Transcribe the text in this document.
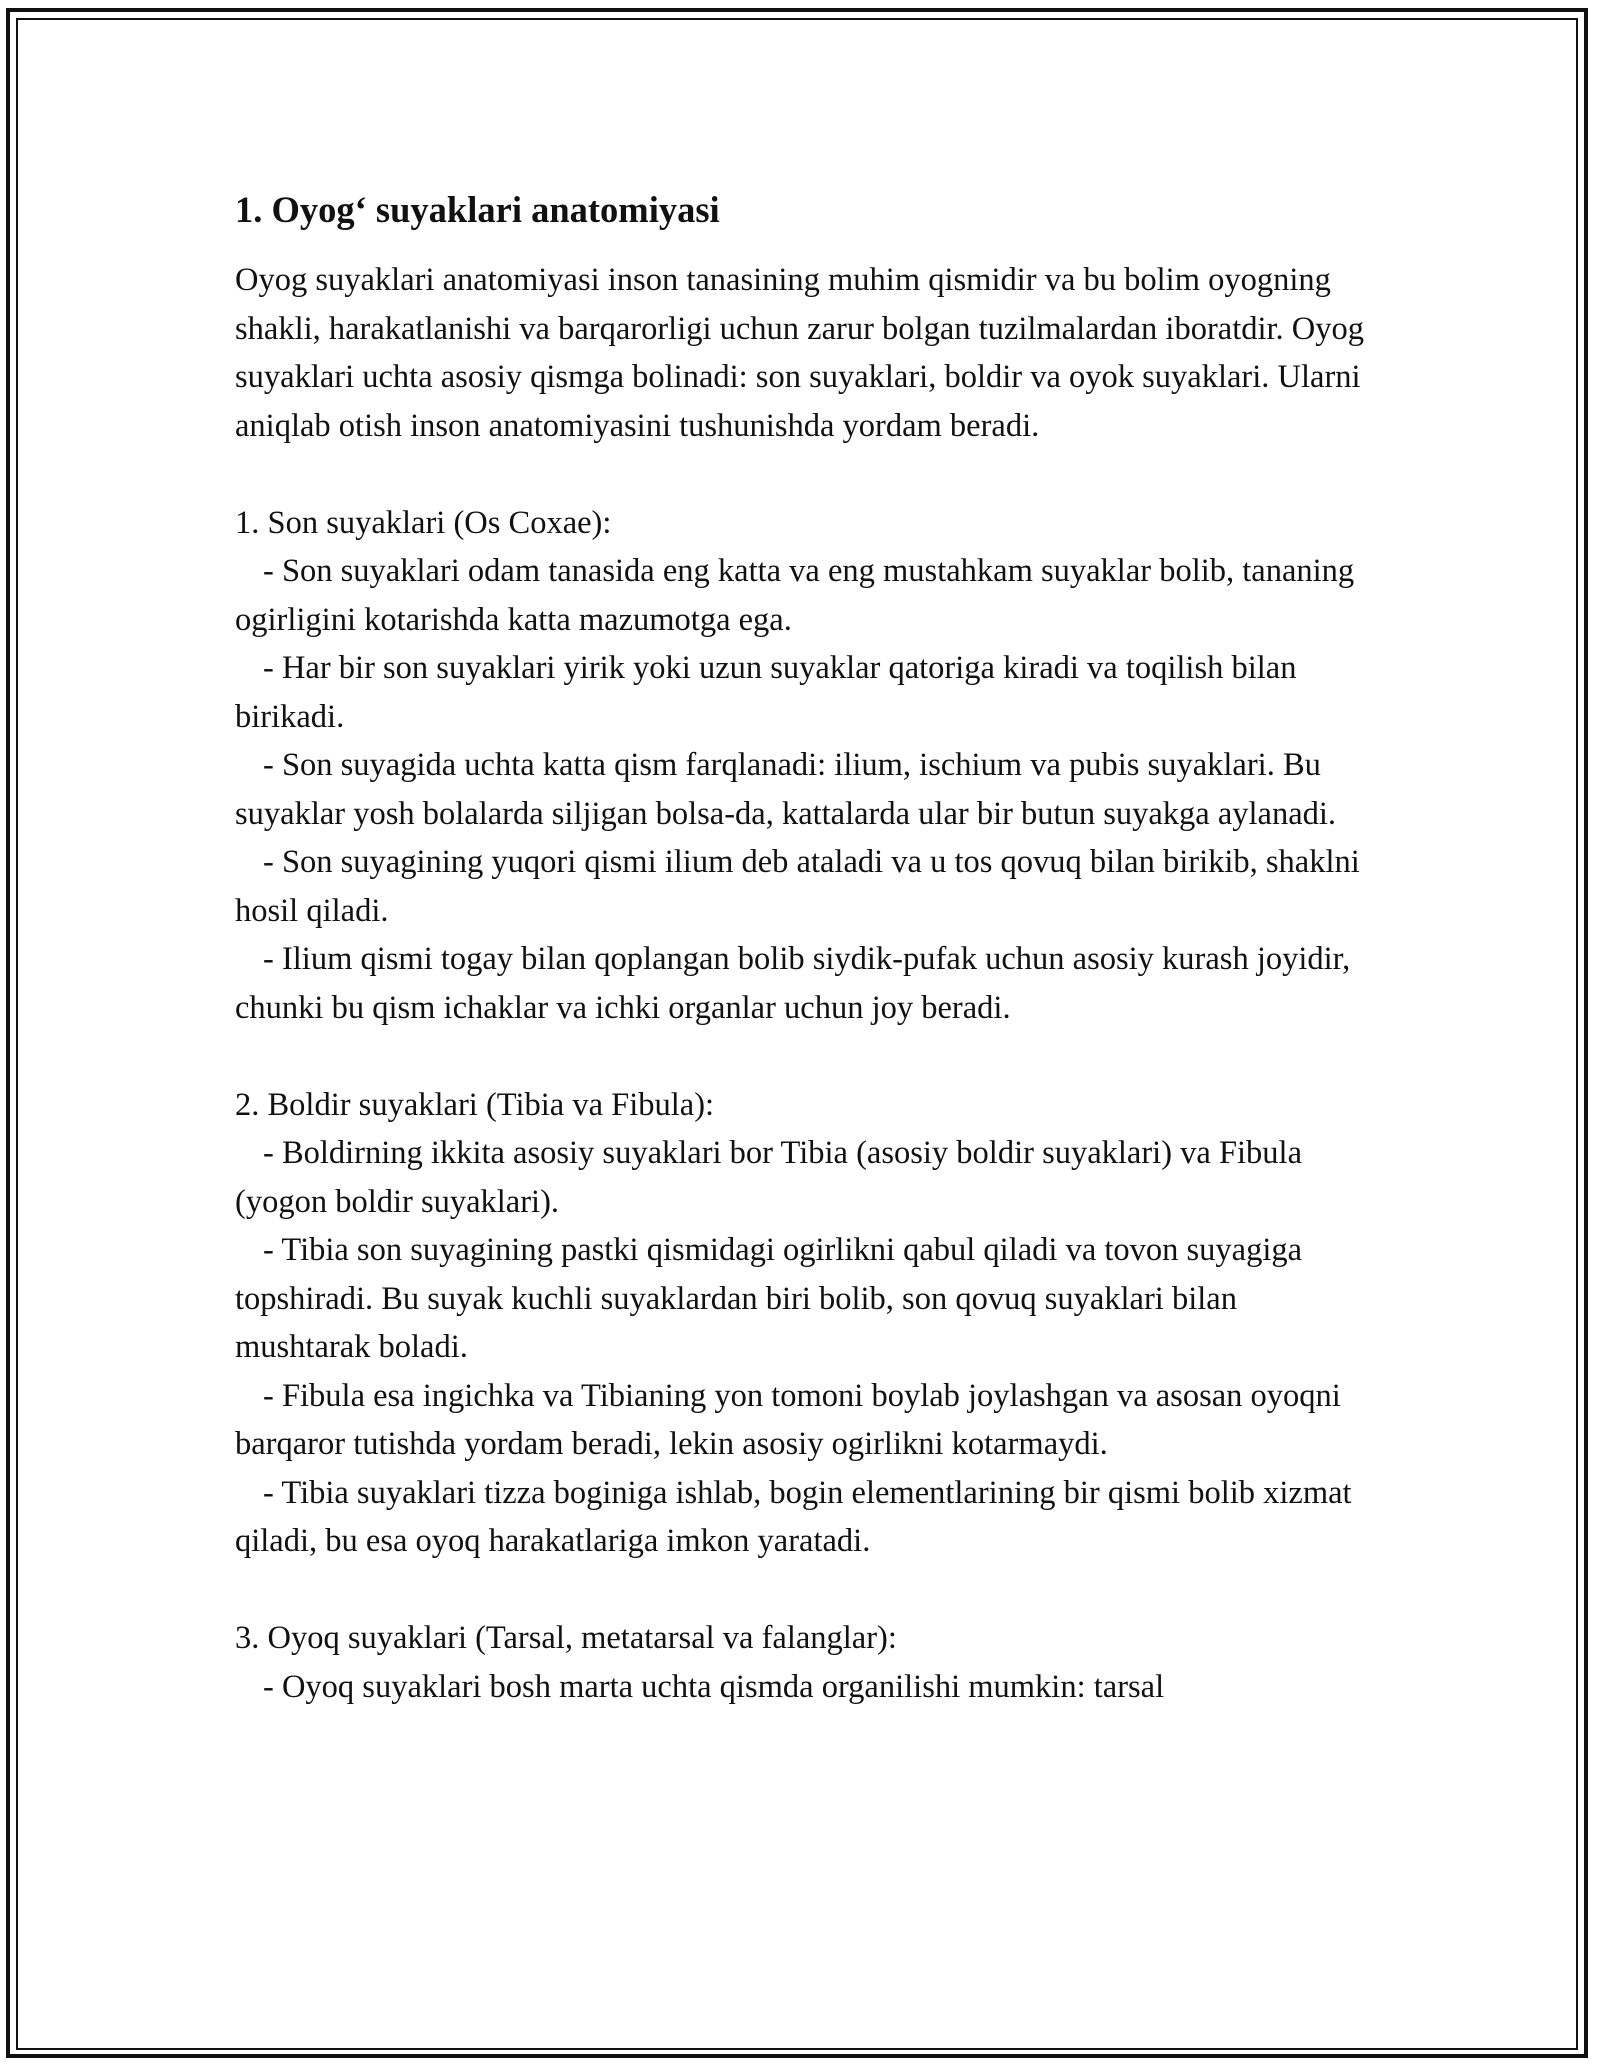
1. Oyog‘ suyaklari anatomiyasi

Oyog suyaklari anatomiyasi inson tanasining muhim qismidir va bu bolim oyogning shakli, harakatlanishi va barqarorligi uchun zarur bolgan tuzilmalardan iboratdir. Oyog suyaklari uchta asosiy qismga bolinadi: son suyaklari, boldir va oyok suyaklari. Ularni aniqlab otish inson anatomiyasini tushunishda yordam beradi.

1. Son suyaklari (Os Coxae):

- Son suyaklari odam tanasida eng katta va eng mustahkam suyaklar bolib, tananing ogirligini kotarishda katta mazumotga ega.

- Har bir son suyaklari yirik yoki uzun suyaklar qatoriga kiradi va toqilish bilan birikadi.

- Son suyagida uchta katta qism farqlanadi: ilium, ischium va pubis suyaklari. Bu suyaklar yosh bolalarda siljigan bolsa-da, kattalarda ular bir butun suyakga aylanadi.

- Son suyagining yuqori qismi ilium deb ataladi va u tos qovuq bilan birikib, shaklni hosil qiladi.

- Ilium qismi togay bilan qoplangan bolib siydik-pufak uchun asosiy kurash joyidir, chunki bu qism ichaklar va ichki organlar uchun joy beradi.

2. Boldir suyaklari (Tibia va Fibula):

- Boldirning ikkita asosiy suyaklari bor Tibia (asosiy boldir suyaklari) va Fibula (yogon boldir suyaklari).

- Tibia son suyagining pastki qismidagi ogirlikni qabul qiladi va tovon suyagiga topshiradi. Bu suyak kuchli suyaklardan biri bolib, son qovuq suyaklari bilan mushtarak boladi.

- Fibula esa ingichka va Tibianing yon tomoni boylab joylashgan va asosan oyoqni barqaror tutishda yordam beradi, lekin asosiy ogirlikni kotarmaydi.

- Tibia suyaklari tizza boginiga ishlab, bogin elementlarining bir qismi bolib xizmat qiladi, bu esa oyoq harakatlariga imkon yaratadi.

3. Oyoq suyaklari (Tarsal, metatarsal va falanglar):

- Oyoq suyaklari bosh marta uchta qismda organilishi mumkin: tarsal
